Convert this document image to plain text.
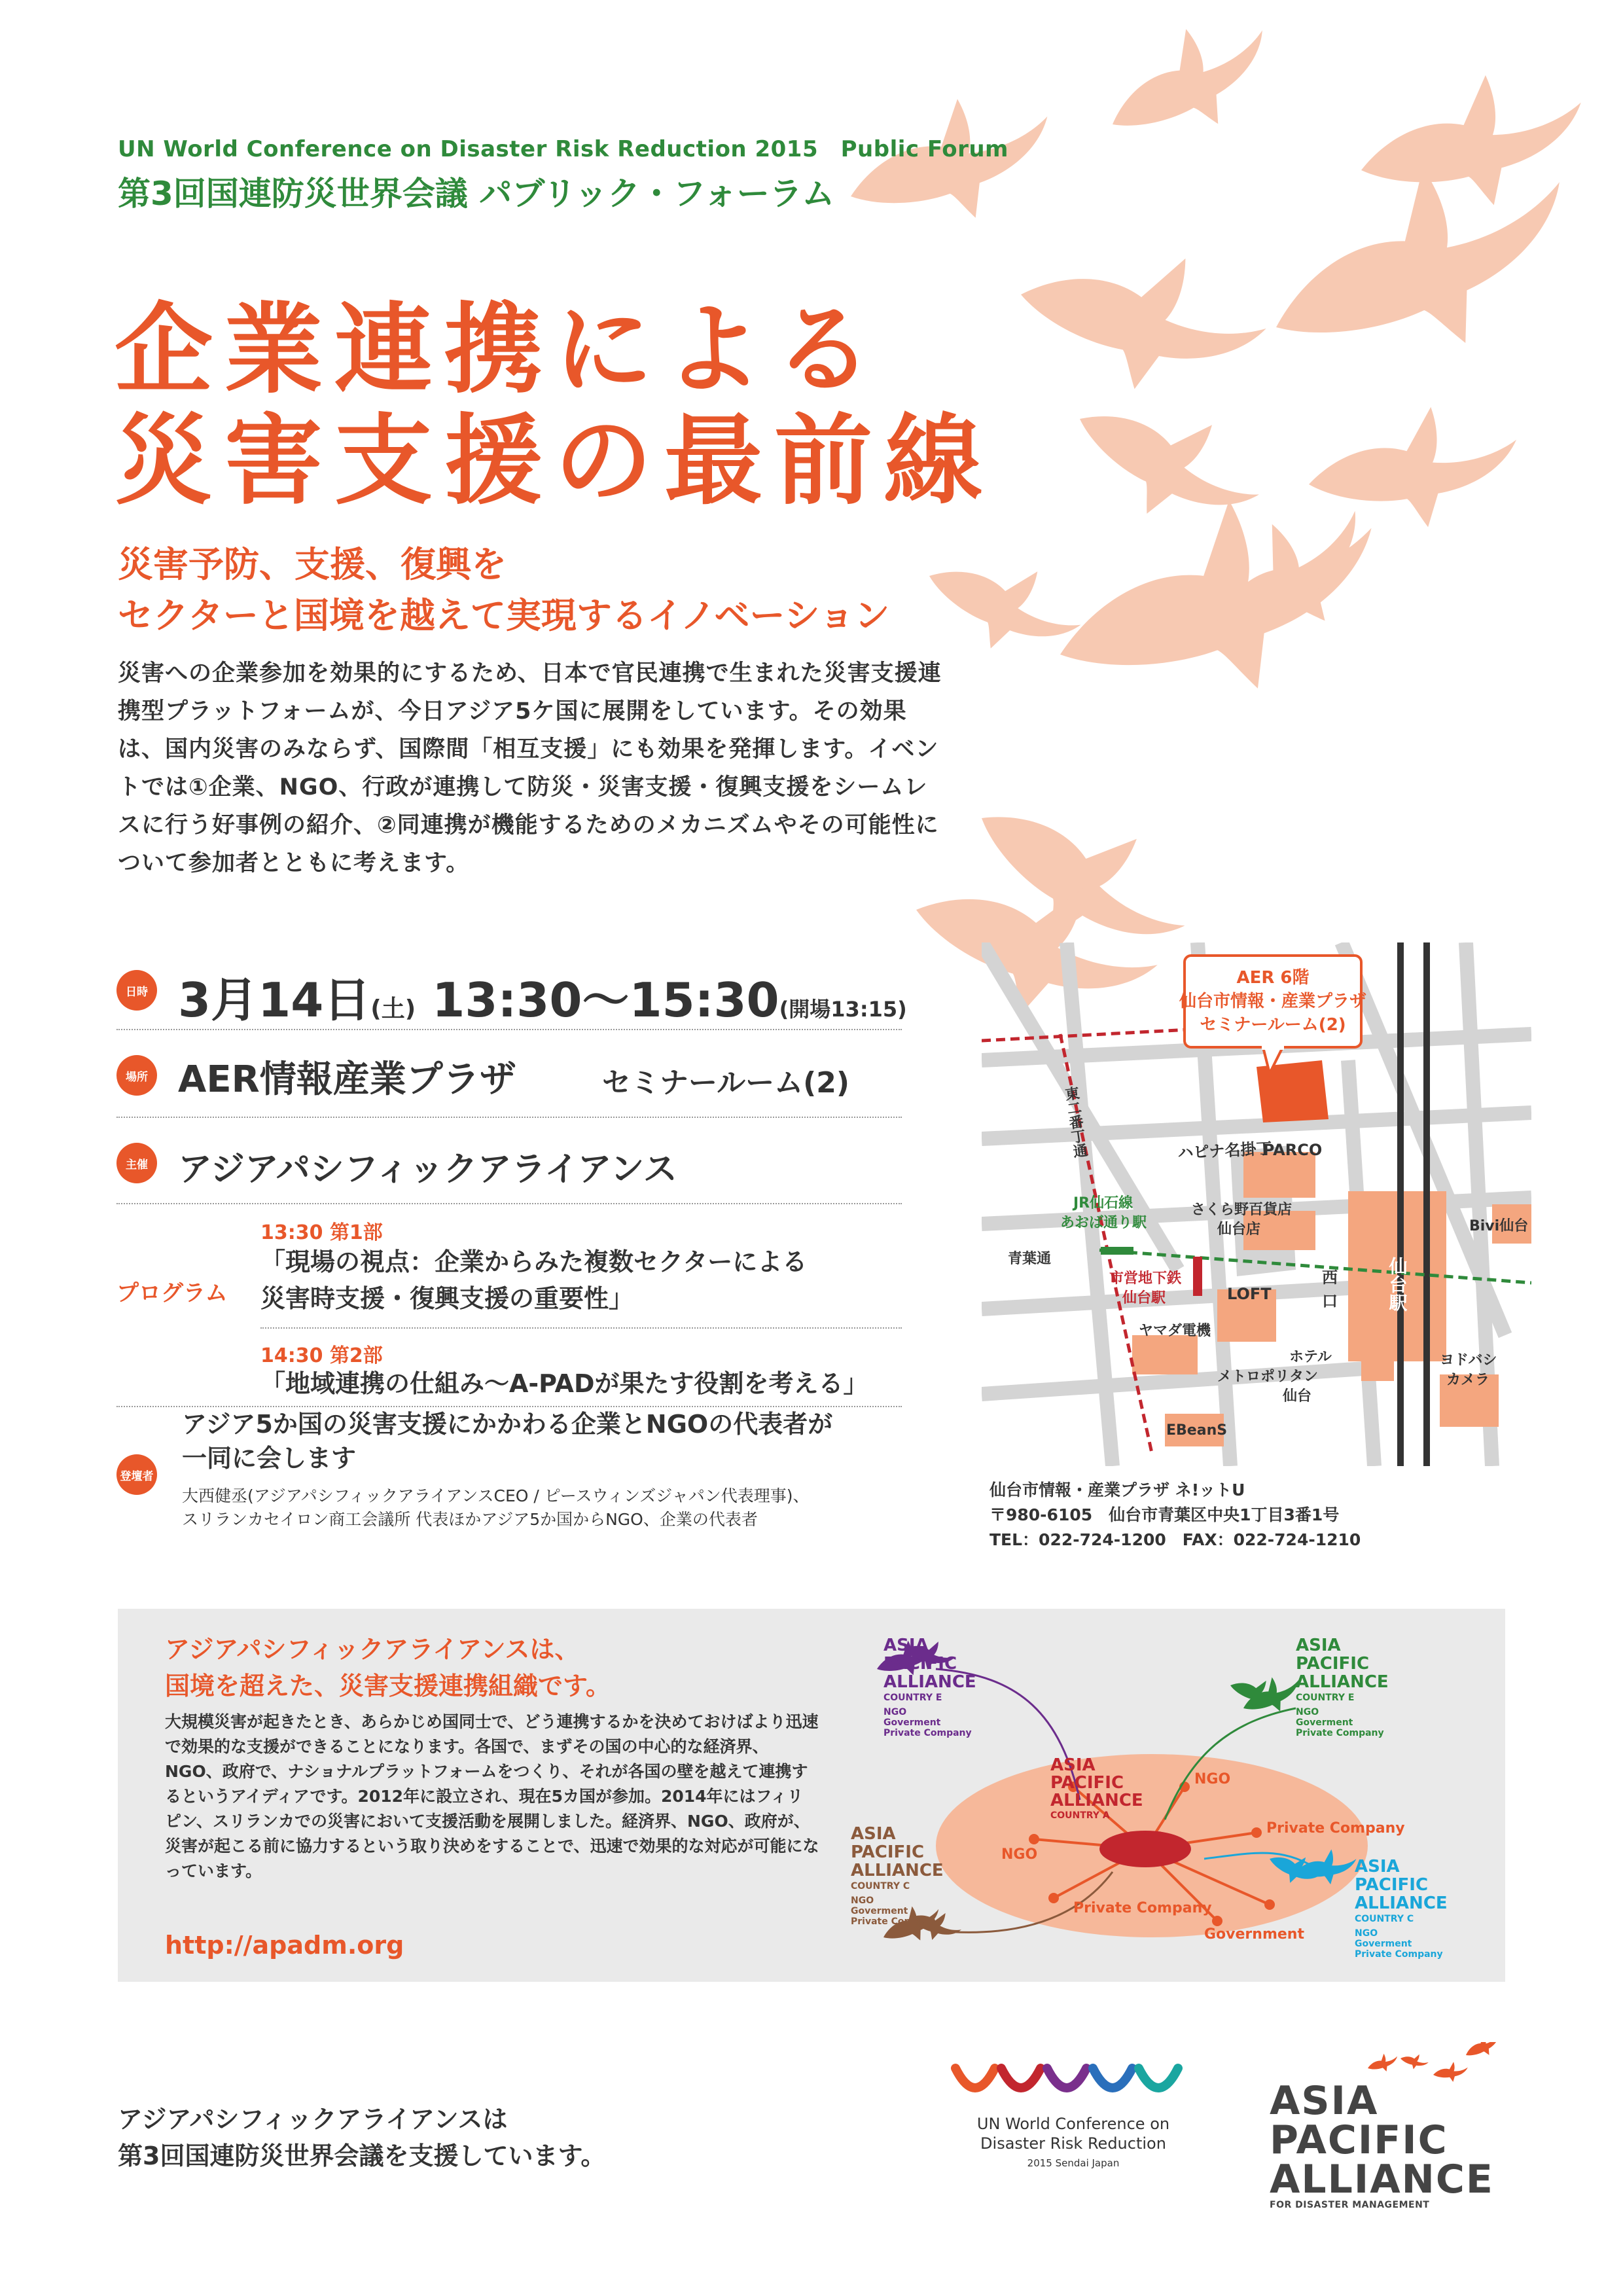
UN World Conference on Disaster Risk Reduction 2015　Public Forum
第3回国連防災世界会議 パブリック・フォーラム
企業連携による
災害支援の最前線
災害予防、支援、復興を
セクターと国境を越えて実現するイノベーション
災害への企業参加を効果的にするため、日本で官民連携で生まれた災害支援連携型プラットフォームが、今日アジア5ケ国に展開をしています。その効果は、国内災害のみならず、国際間「相互支援」にも効果を発揮します。イベントでは①企業、NGO、行政が連携して防災・災害支援・復興支援をシームレスに行う好事例の紹介、②同連携が機能するためのメカニズムやその可能性について参加者とともに考えます。
日時 3月14日(土) 13:30〜15:30(開場13:15)
場所 AER情報産業プラザ	セミナールーム(2)
主催 アジアパシフィックアライアンス
プログラム
13:30 第1部
「現場の視点：企業からみた複数セクターによる
災害時支援・復興支援の重要性」
14:30 第2部
「地域連携の仕組み〜A-PADが果たす役割を考える」
登壇者
アジア5か国の災害支援にかかわる企業とNGOの代表者が
一同に会します
大西健丞(アジアパシフィックアライアンスCEO / ピースウィンズジャパン代表理事)、
スリランカセイロン商工会議所 代表ほかアジア5か国からNGO、企業の代表者
AER 6階
仙台市情報・産業プラザ
セミナールーム(2)
PARCO
ハピナ名掛丁
さくら野百貨店
仙台店
JR仙石線
あおば通り駅
青葉通
市営地下鉄
仙台駅	LOFT
西
口	仙台駅
ヤマダ電機
ホテル
メトロポリタン
仙台
EBeanS
Bivi仙台
ヨドバシ
カメラ
東二番丁通
仙台市情報・産業プラザ ネ!ットU
〒980-6105　仙台市青葉区中央1丁目3番1号
TEL：022-724-1200　FAX：022-724-1210
アジアパシフィックアライアンスは、
国境を超えた、災害支援連携組織です。
大規模災害が起きたとき、あらかじめ国同士で、どう連携するかを決めておけばより迅速で効果的な支援ができることになります。各国で、まずその国の中心的な経済界、NGO、政府で、ナショナルプラットフォームをつくり、それが各国の壁を越えて連携するというアイディアです。2012年に設立され、現在5カ国が参加。2014年にはフィリピン、スリランカでの災害において支援活動を展開しました。経済界、NGO、政府が、災害が起こる前に協力するという取り決めをすることで、迅速で効果的な対応が可能になっています。
http://apadm.org
ASIA
PACIFIC
ALLIANCE
COUNTRY E
NGO
Goverment
Private Company
ASIA
PACIFIC
ALLIANCE
COUNTRY E
NGO
Goverment
Private Company
ASIA
PACIFIC
ALLIANCE
COUNTRY A
NGO
Private Company
NGO
Private Company
Government
ASIA
PACIFIC
ALLIANCE
COUNTRY C
NGO
Goverment
Private Company
ASIA
PACIFIC
ALLIANCE
COUNTRY C
NGO
Goverment
Private Company
アジアパシフィックアライアンスは
第3回国連防災世界会議を支援しています。
UN World Conference on
Disaster Risk Reduction
2015 Sendai Japan
ASIA
PACIFIC
ALLIANCE
FOR DISASTER MANAGEMENT
